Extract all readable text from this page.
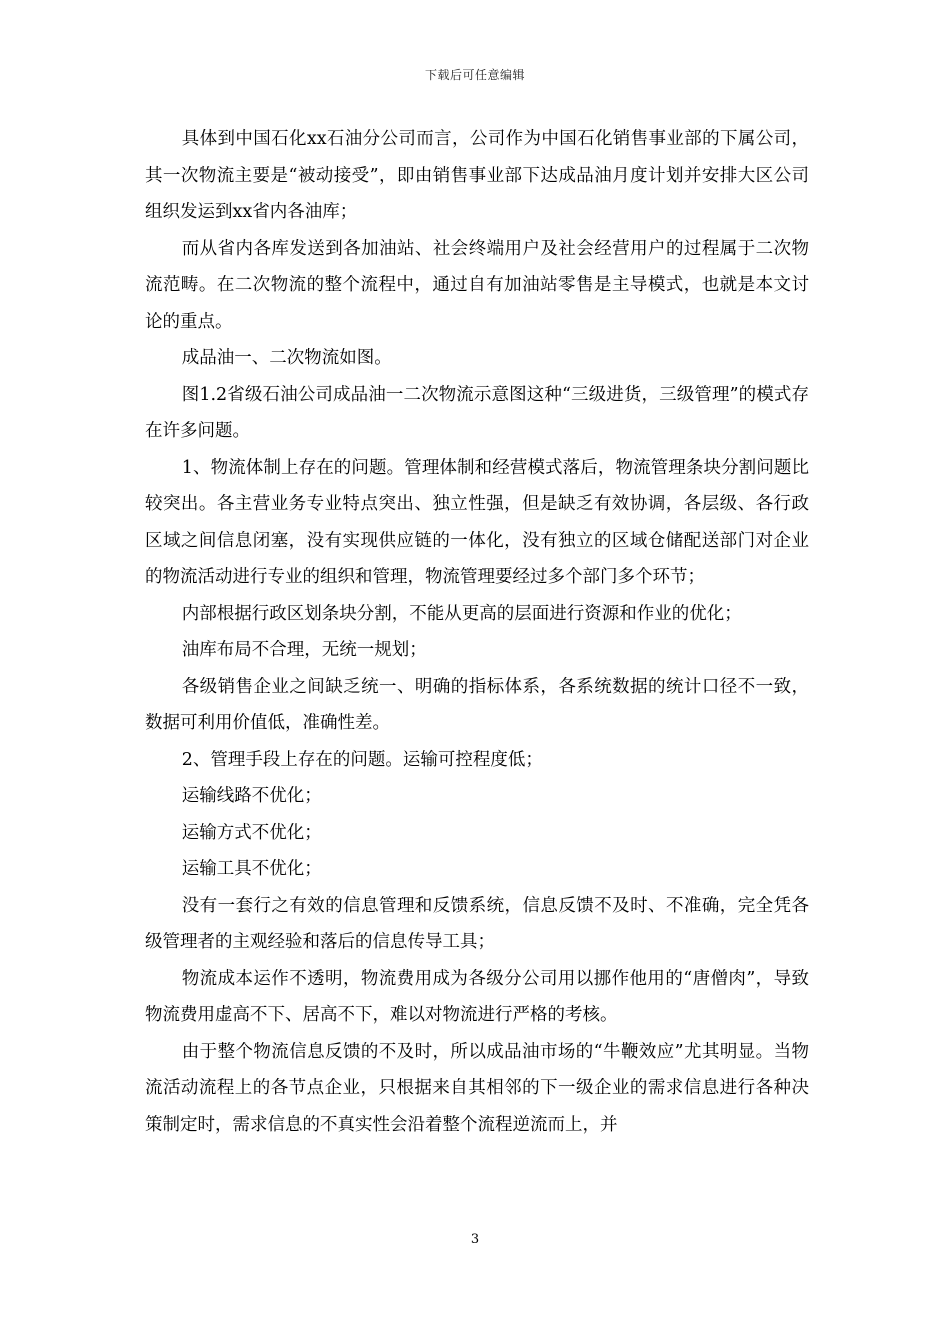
下载后可任意编辑

具体到中国石化xx石油分公司而言，公司作为中国石化销售事业部的下属公司，其一次物流主要是“被动接受”，即由销售事业部下达成品油月度计划并安排大区公司组织发运到xx省内各油库；

而从省内各库发送到各加油站、社会终端用户及社会经营用户的过程属于二次物流范畴。在二次物流的整个流程中，通过自有加油站零售是主导模式，也就是本文讨论的重点。

成品油一、二次物流如图。

图1.2省级石油公司成品油一二次物流示意图这种“三级进货，三级管理”的模式存在许多问题。

1、物流体制上存在的问题。管理体制和经营模式落后，物流管理条块分割问题比较突出。各主营业务专业特点突出、独立性强，但是缺乏有效协调，各层级、各行政区域之间信息闭塞，没有实现供应链的一体化，没有独立的区域仓储配送部门对企业的物流活动进行专业的组织和管理，物流管理要经过多个部门多个环节；

内部根据行政区划条块分割，不能从更高的层面进行资源和作业的优化；

油库布局不合理，无统一规划；

各级销售企业之间缺乏统一、明确的指标体系，各系统数据的统计口径不一致，数据可利用价值低，准确性差。

2、管理手段上存在的问题。运输可控程度低；

运输线路不优化；

运输方式不优化；

运输工具不优化；

没有一套行之有效的信息管理和反馈系统，信息反馈不及时、不准确，完全凭各级管理者的主观经验和落后的信息传导工具；

物流成本运作不透明，物流费用成为各级分公司用以挪作他用的“唐僧肉”，导致物流费用虚高不下、居高不下，难以对物流进行严格的考核。

由于整个物流信息反馈的不及时，所以成品油市场的“牛鞭效应”尤其明显。当物流活动流程上的各节点企业，只根据来自其相邻的下一级企业的需求信息进行各种决策制定时，需求信息的不真实性会沿着整个流程逆流而上，并

3
